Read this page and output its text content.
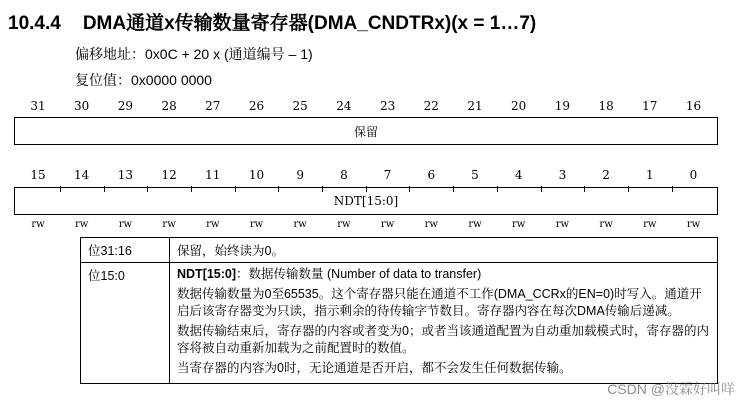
10.4.4 DMA通道x传输数量寄存器(DMA_CNDTRx)(x = 1…7)
偏移地址：0x0C + 20 x (通道编号 – 1)
复位值：0x0000 0000
31	30	29	28	27	26	25	24	23	22	21	20	19	18	17	16
保留
15	14	13	12	11	10	9	8	7	6	5	4	3	2	1	0
NDT[15:0]
rw	rw	rw	rw	rw	rw	rw	rw	rw	rw	rw	rw	rw	rw	rw	rw
位31:16	保留，始终读为0。
位15:0	NDT[15:0]：数据传输数量 (Number of data to transfer)

数据传输数量为0至65535。这个寄存器只能在通道不工作(DMA_CCRx的EN=0)时写入。通道开启后该寄存器变为只读，指示剩余的待传输字节数目。寄存器内容在每次DMA传输后递减。

数据传输结束后，寄存器的内容或者变为0；或者当该通道配置为自动重加载模式时，寄存器的内容将被自动重新加载为之前配置时的数值。

当寄存器的内容为0时，无论通道是否开启，都不会发生任何数据传输。

CSDN @没霖好叫咩
